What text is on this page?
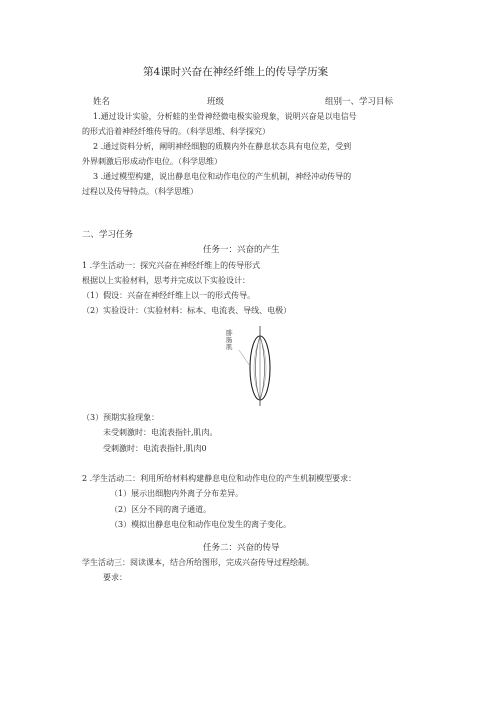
第4课时兴奋在神经纤维上的传导学历案
姓名	班级	组别一、学习目标
1.通过设计实验，分析蛙的坐骨神经微电极实验现象，说明兴奋是以电信号
的形式沿着神经纤维传导的。（科学思维、科学探究）
2 .通过资料分析，阐明神经细胞的质膜内外在静息状态具有电位差，受到
外界刺激后形成动作电位。（科学思维）
3 .通过模型构建，说出静息电位和动作电位的产生机制，神经冲动传导的
过程以及传导特点。（科学思维）
二、学习任务
任务一：兴奋的产生
1 .学生活动一：探究兴奋在神经纤维上的传导形式
根据以上实验材料，思考并完成以下实验设计：
（1）假设：兴奋在神经纤维上以一的形式传导。
（2）实验设计：（实验材料：标本、电流表、导线、电极）
腓肠肌
（3）预期实验现象：
未受刺激时：电流表指针,肌肉。
受刺激时：电流表指针,肌肉0
2 .学生活动二：利用所给材料构建静息电位和动作电位的产生机制模型要求：
（1）展示出细胞内外离子分布差异。
（2）区分不同的离子通道。
（3）模拟出静息电位和动作电位发生的离子变化。
任务二：兴奋的传导
学生活动三：阅读课本，结合所给图形，完成兴奋传导过程绘制。
要求：
